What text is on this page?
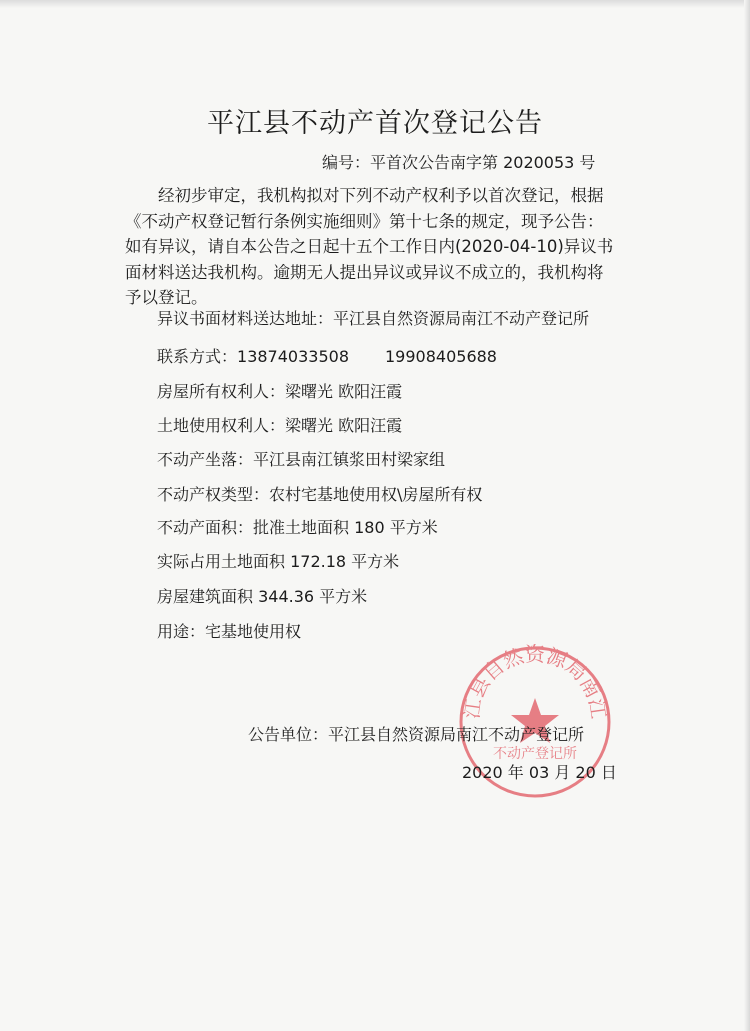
平江县不动产首次登记公告
编号：平首次公告南字第 2020053 号
经初步审定，我机构拟对下列不动产权利予以首次登记，根据
《不动产权登记暂行条例实施细则》第十七条的规定，现予公告：
如有异议，请自本公告之日起十五个工作日内(2020-04-10)异议书
面材料送达我机构。逾期无人提出异议或异议不成立的，我机构将
予以登记。
异议书面材料送达地址：平江县自然资源局南江不动产登记所
联系方式：13874033508 19908405688
房屋所有权利人：梁曙光 欧阳汪霞
土地使用权利人：梁曙光 欧阳汪霞
不动产坐落：平江县南江镇浆田村梁家组
不动产权类型：农村宅基地使用权\房屋所有权
不动产面积：批准土地面积 180 平方米
实际占用土地面积 172.18 平方米
房屋建筑面积 344.36 平方米
用途：宅基地使用权
江县自然资源局南江
不动产登记所
公告单位：平江县自然资源局南江不动产登记所
2020 年 03 月 20 日
